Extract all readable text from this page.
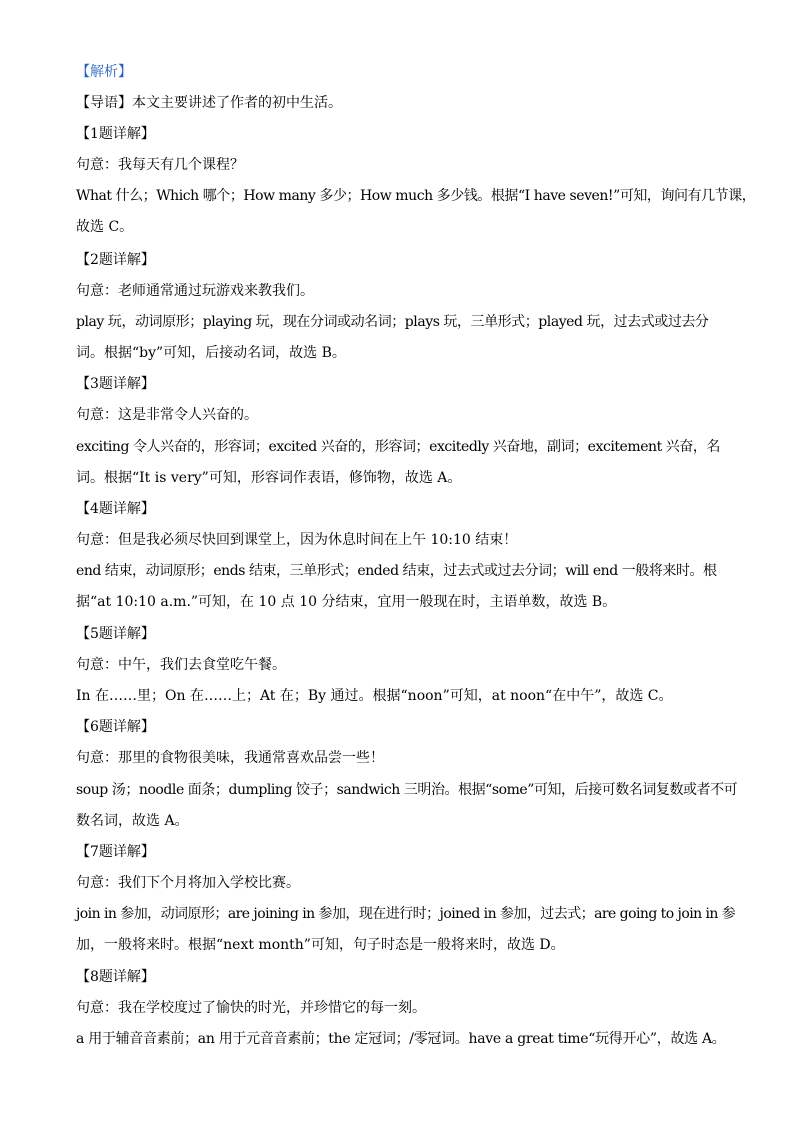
【解析】
【导语】本文主要讲述了作者的初中生活。
【1题详解】
句意：我每天有几个课程？
What 什么；Which 哪个；How many 多少；How much 多少钱。根据“I have seven!”可知，询问有几节课，
故选 C。
【2题详解】
句意：老师通常通过玩游戏来教我们。
play 玩，动词原形；playing 玩，现在分词或动名词；plays 玩，三单形式；played 玩，过去式或过去分
词。根据“by”可知，后接动名词，故选 B。
【3题详解】
句意：这是非常令人兴奋的。
exciting 令人兴奋的，形容词；excited 兴奋的，形容词；excitedly 兴奋地，副词；excitement 兴奋，名
词。根据“It is very”可知，形容词作表语，修饰物，故选 A。
【4题详解】
句意：但是我必须尽快回到课堂上，因为休息时间在上午 10:10 结束！
end 结束，动词原形；ends 结束，三单形式；ended 结束，过去式或过去分词；will end 一般将来时。根
据“at 10:10 a.m.”可知，在 10 点 10 分结束，宜用一般现在时，主语单数，故选 B。
【5题详解】
句意：中午，我们去食堂吃午餐。
In 在……里；On 在……上；At 在；By 通过。根据“noon”可知，at noon“在中午”，故选 C。
【6题详解】
句意：那里的食物很美味，我通常喜欢品尝一些！
soup 汤；noodle 面条；dumpling 饺子；sandwich 三明治。根据“some”可知，后接可数名词复数或者不可
数名词，故选 A。
【7题详解】
句意：我们下个月将加入学校比赛。
join in 参加，动词原形；are joining in 参加，现在进行时；joined in 参加，过去式；are going to join in 参
加，一般将来时。根据“next month”可知，句子时态是一般将来时，故选 D。
【8题详解】
句意：我在学校度过了愉快的时光，并珍惜它的每一刻。
a 用于辅音音素前；an 用于元音音素前；the 定冠词；/零冠词。have a great time“玩得开心”，故选 A。
